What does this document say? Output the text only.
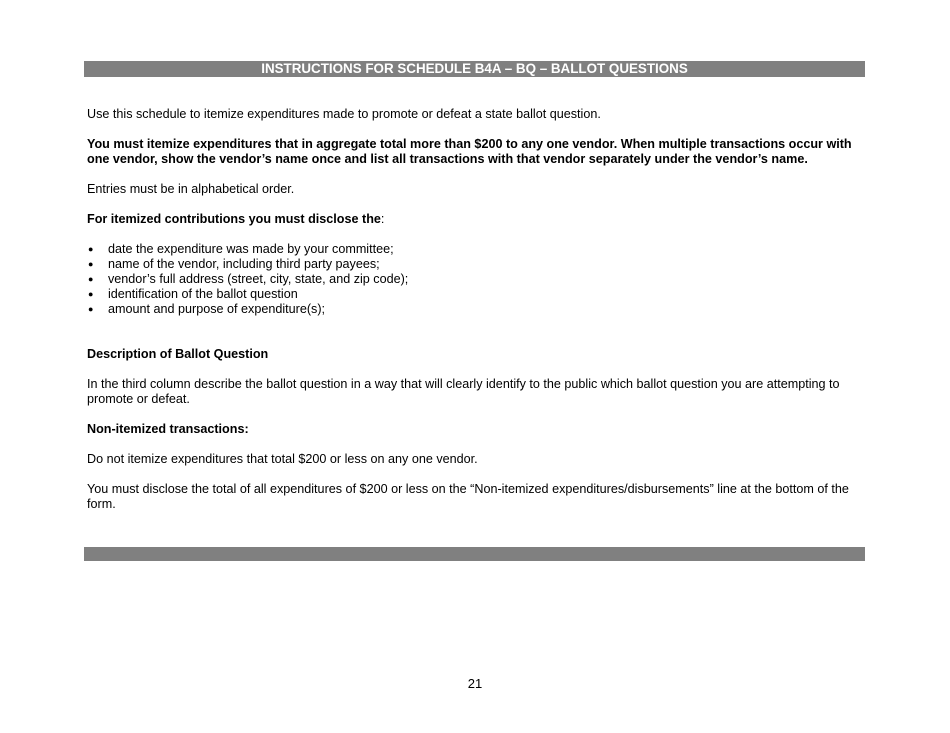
INSTRUCTIONS FOR SCHEDULE B4A – BQ – BALLOT QUESTIONS

Use this schedule to itemize expenditures made to promote or defeat a state ballot question.

You must itemize expenditures that in aggregate total more than $200 to any one vendor. When multiple transactions occur with one vendor, show the vendor’s name once and list all transactions with that vendor separately under the vendor’s name.

Entries must be in alphabetical order.

For itemized contributions you must disclose the:

● date the expenditure was made by your committee;
● name of the vendor, including third party payees;
● vendor’s full address (street, city, state, and zip code);
● identification of the ballot question
● amount and purpose of expenditure(s);

Description of Ballot Question

In the third column describe the ballot question in a way that will clearly identify to the public which ballot question you are attempting to promote or defeat.

Non-itemized transactions:

Do not itemize expenditures that total $200 or less on any one vendor.

You must disclose the total of all expenditures of $200 or less on the “Non-itemized expenditures/disbursements” line at the bottom of the form.

21
